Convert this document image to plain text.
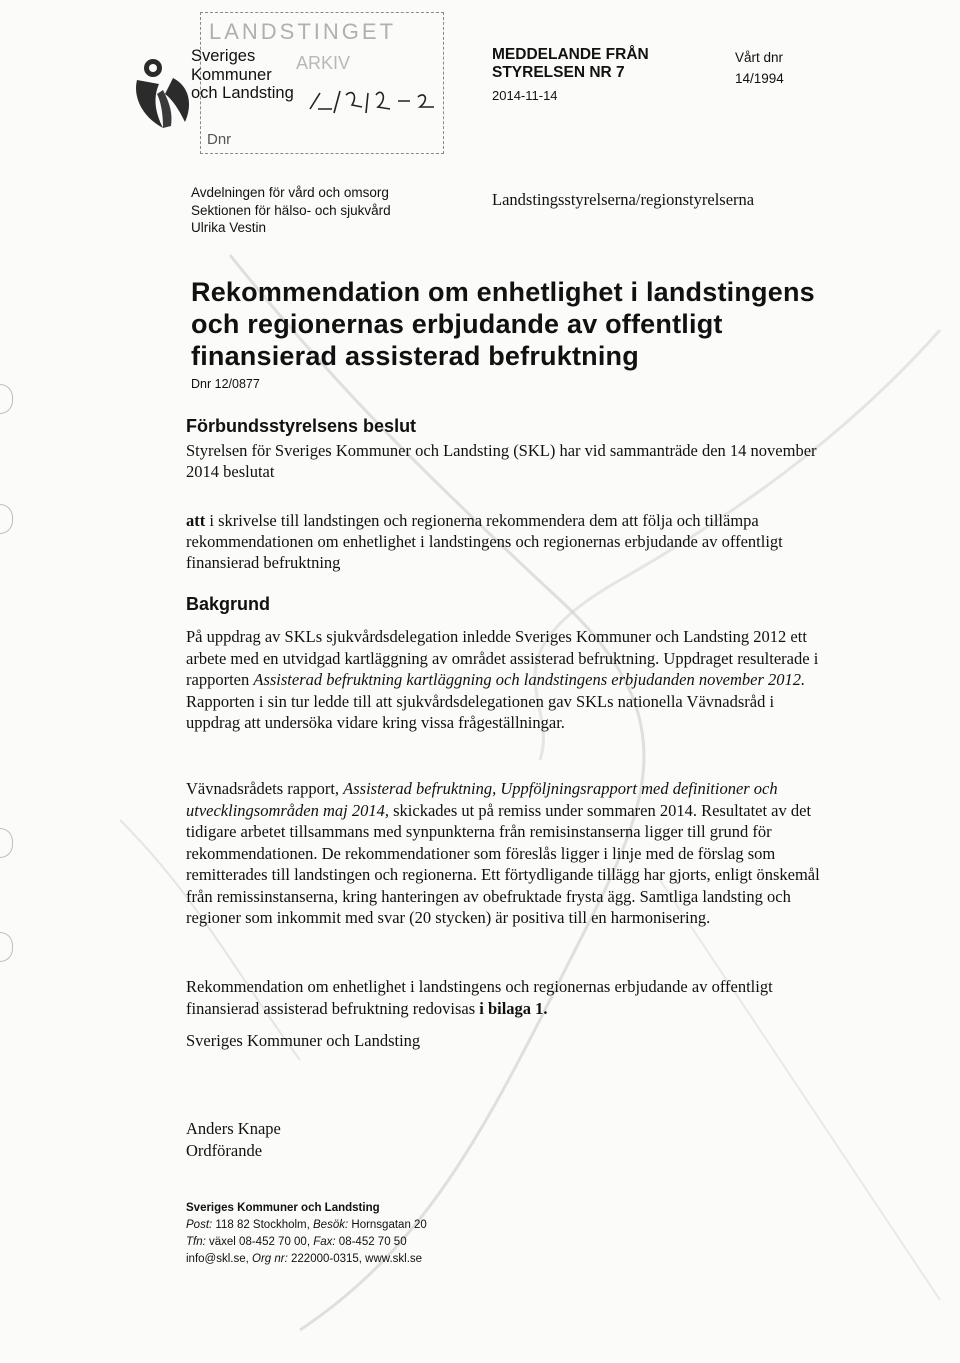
LANDSTINGET
ARKIV
Dnr
Sveriges
Kommuner
och Landsting
MEDDELANDE FRÅN
STYRELSEN NR 7
2014-11-14
Vårt dnr
14/1994
Avdelningen för vård och omsorg
Sektionen för hälso- och sjukvård
Ulrika Vestin
Landstingsstyrelserna/regionstyrelserna
Rekommendation om enhetlighet i landstingens och regionernas erbjudande av offentligt finansierad assisterad befruktning
Dnr 12/0877
Förbundsstyrelsens beslut
Styrelsen för Sveriges Kommuner och Landsting (SKL) har vid sammanträde den 14 november 2014 beslutat
att i skrivelse till landstingen och regionerna rekommendera dem att följa och tillämpa rekommendationen om enhetlighet i landstingens och regionernas erbjudande av offentligt finansierad befruktning
Bakgrund
På uppdrag av SKLs sjukvårdsdelegation inledde Sveriges Kommuner och Landsting 2012 ett arbete med en utvidgad kartläggning av området assisterad befruktning. Uppdraget resulterade i rapporten Assisterad befruktning kartläggning och landstingens erbjudanden november 2012. Rapporten i sin tur ledde till att sjukvårdsdelegationen gav SKLs nationella Vävnadsråd i uppdrag att undersöka vidare kring vissa frågeställningar.
Vävnadsrådets rapport, Assisterad befruktning, Uppföljningsrapport med definitioner och utvecklingsområden maj 2014, skickades ut på remiss under sommaren 2014. Resultatet av det tidigare arbetet tillsammans med synpunkterna från remisinstanserna ligger till grund för rekommendationen. De rekommendationer som föreslås ligger i linje med de förslag som remitterades till landstingen och regionerna. Ett förtydligande tillägg har gjorts, enligt önskemål från remissinstanserna, kring hanteringen av obefruktade frysta ägg. Samtliga landsting och regioner som inkommit med svar (20 stycken) är positiva till en harmonisering.
Rekommendation om enhetlighet i landstingens och regionernas erbjudande av offentligt finansierad assisterad befruktning redovisas i bilaga 1.
Sveriges Kommuner och Landsting
Anders Knape
Ordförande
Sveriges Kommuner och Landsting
Post: 118 82 Stockholm, Besök: Hornsgatan 20
Tfn: växel 08-452 70 00, Fax: 08-452 70 50
info@skl.se, Org nr: 222000-0315, www.skl.se
